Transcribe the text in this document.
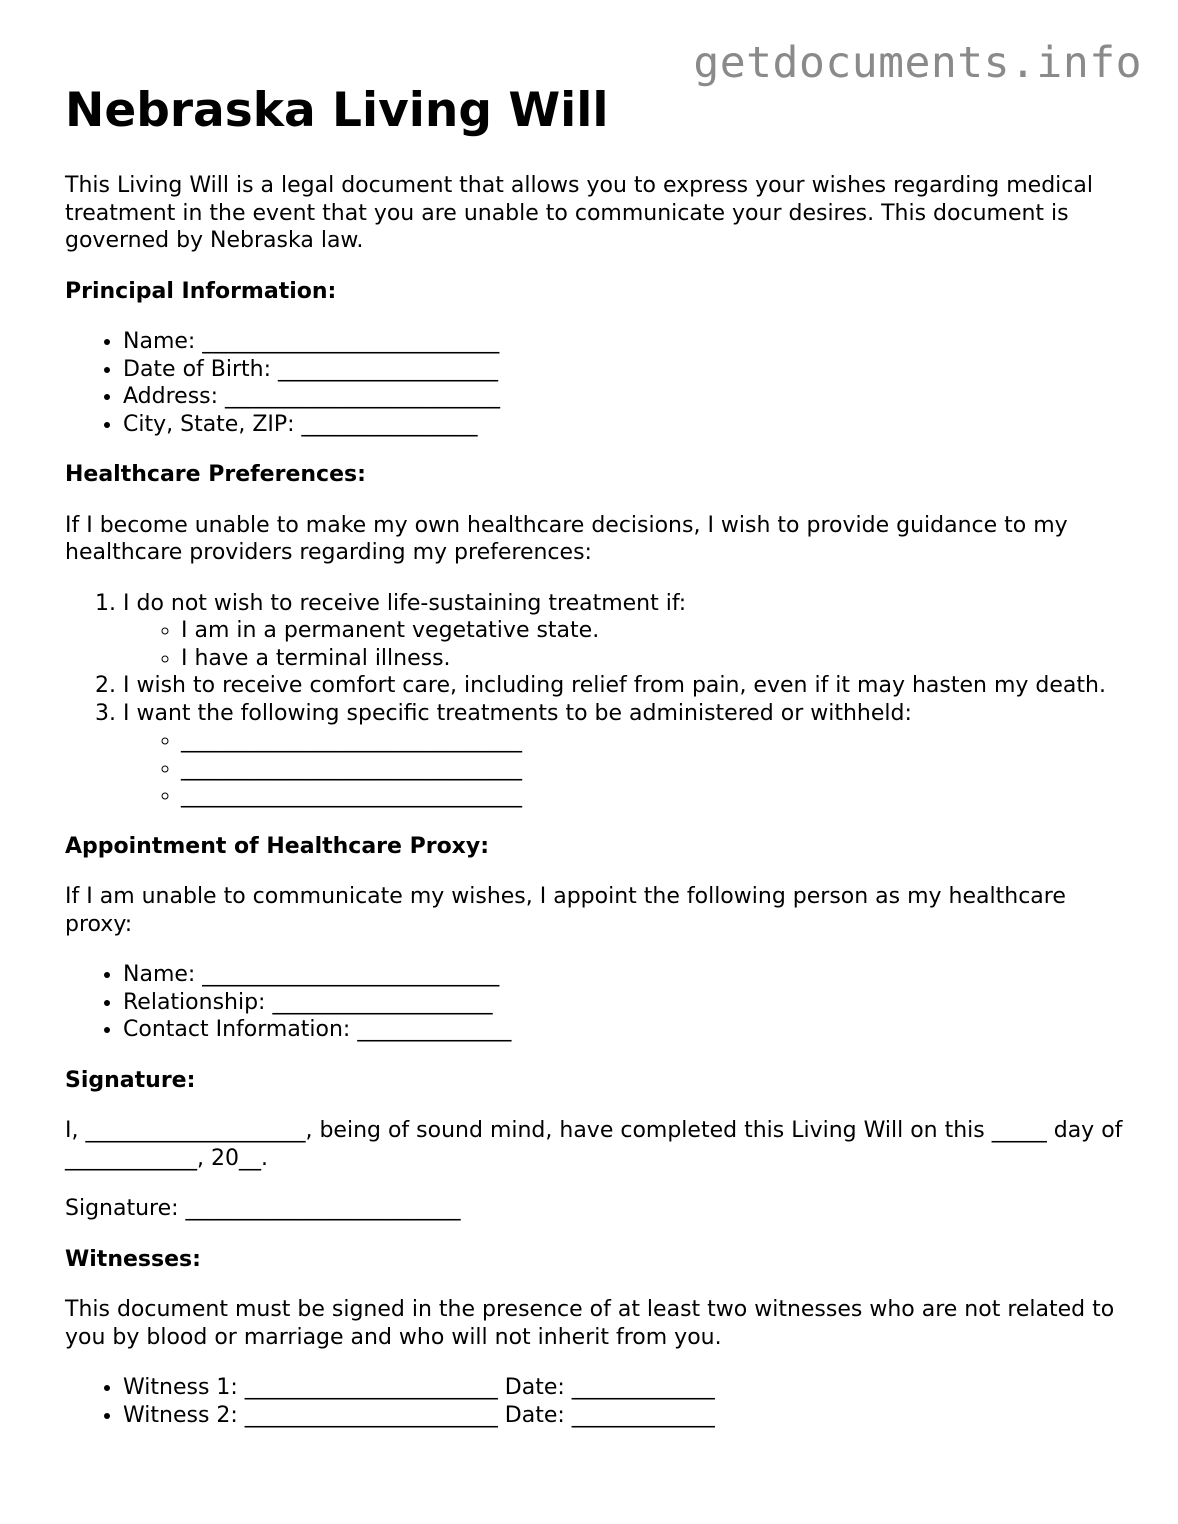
getdocuments.info
Nebraska Living Will

This Living Will is a legal document that allows you to express your wishes regarding medical treatment in the event that you are unable to communicate your desires. This document is governed by Nebraska law.

Principal Information:

• Name: ___________________________
• Date of Birth: ____________________
• Address: _________________________
• City, State, ZIP: ________________

Healthcare Preferences:

If I become unable to make my own healthcare decisions, I wish to provide guidance to my healthcare providers regarding my preferences:

1. I do not wish to receive life-sustaining treatment if:
◦ I am in a permanent vegetative state.
◦ I have a terminal illness.
2. I wish to receive comfort care, including relief from pain, even if it may hasten my death.
3. I want the following specific treatments to be administered or withheld:
◦ _______________________________
◦ _______________________________
◦ _______________________________

Appointment of Healthcare Proxy:

If I am unable to communicate my wishes, I appoint the following person as my healthcare proxy:

• Name: ___________________________
• Relationship: ____________________
• Contact Information: ______________

Signature:

I, ____________________, being of sound mind, have completed this Living Will on this _____ day of ____________, 20__.

Signature: _________________________

Witnesses:

This document must be signed in the presence of at least two witnesses who are not related to you by blood or marriage and who will not inherit from you.

• Witness 1: _______________________ Date: _____________
• Witness 2: _______________________ Date: _____________
